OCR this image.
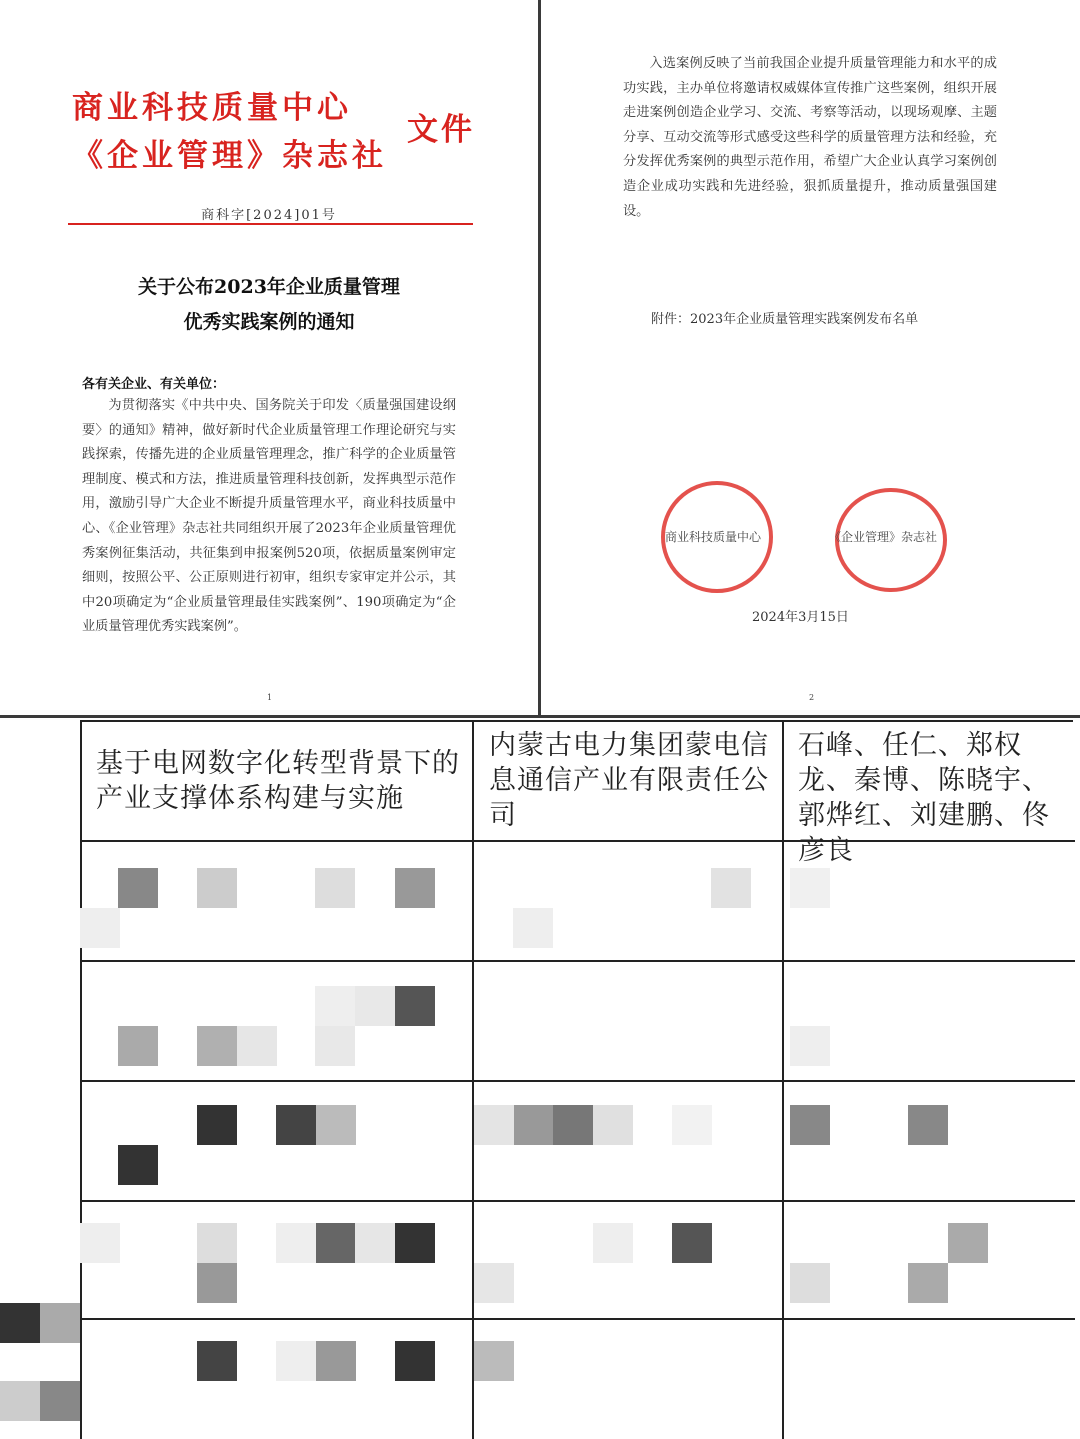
商业科技质量中心
《企业管理》杂志社
文件
商科字[2024]01号
关于公布2023年企业质量管理
优秀实践案例的通知
各有关企业、有关单位：
为贯彻落实《中共中央、国务院关于印发〈质量强国建设纲要〉的通知》精神，做好新时代企业质量管理工作理论研究与实践探索，传播先进的企业质量管理理念，推广科学的企业质量管理制度、模式和方法，推进质量管理科技创新，发挥典型示范作用，激励引导广大企业不断提升质量管理水平，商业科技质量中心、《企业管理》杂志社共同组织开展了2023年企业质量管理优秀案例征集活动，共征集到申报案例520项，依据质量案例审定细则，按照公平、公正原则进行初审，组织专家审定并公示，其中20项确定为“企业质量管理最佳实践案例”、190项确定为“企业质量管理优秀实践案例”。
1
入选案例反映了当前我国企业提升质量管理能力和水平的成功实践，主办单位将邀请权威媒体宣传推广这些案例，组织开展走进案例创造企业学习、交流、考察等活动，以现场观摩、主题分享、互动交流等形式感受这些科学的质量管理方法和经验，充分发挥优秀案例的典型示范作用，希望广大企业认真学习案例创造企业成功实践和先进经验，狠抓质量提升，推动质量强国建设。
附件：2023年企业质量管理实践案例发布名单
商业科技质量中心	《企业管理》杂志社
2024年3月15日
2
基于电网数字化转型背景下的产业支撑体系构建与实施
内蒙古电力集团蒙电信息通信产业有限责任公司
石峰、任仁、郑权龙、秦博、陈晓宇、郭烨红、刘建鹏、佟彦良
